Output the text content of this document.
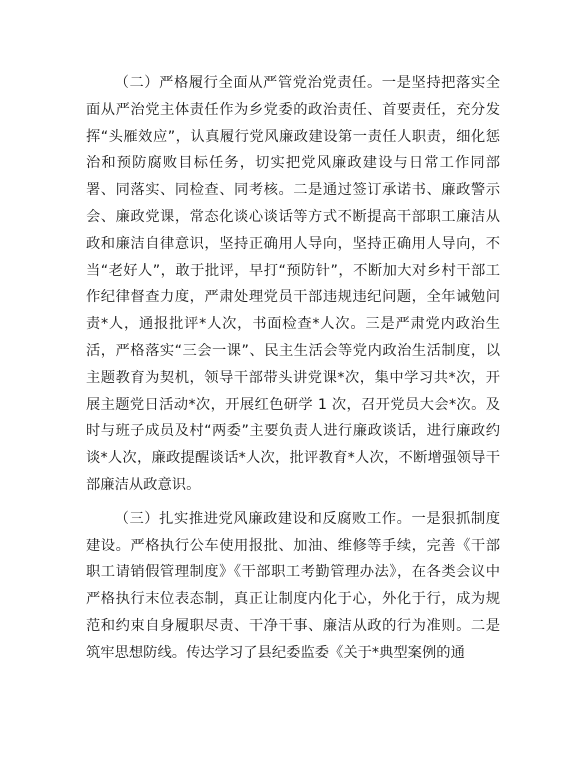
（二）严格履行全面从严管党治党责任。一是坚持把落实全面从严治党主体责任作为乡党委的政治责任、首要责任，充分发挥“头雁效应”，认真履行党风廉政建设第一责任人职责，细化惩治和预防腐败目标任务，切实把党风廉政建设与日常工作同部署、同落实、同检查、同考核。二是通过签订承诺书、廉政警示会、廉政党课，常态化谈心谈话等方式不断提高干部职工廉洁从政和廉洁自律意识，坚持正确用人导向，坚持正确用人导向，不当“老好人”，敢于批评，早打“预防针”，不断加大对乡村干部工作纪律督查力度，严肃处理党员干部违规违纪问题，全年诫勉问责*人，通报批评*人次，书面检查*人次。三是严肃党内政治生活，严格落实“三会一课”、民主生活会等党内政治生活制度，以主题教育为契机，领导干部带头讲党课*次，集中学习共*次，开展主题党日活动*次，开展红色研学 1 次，召开党员大会*次。及时与班子成员及村“两委”主要负责人进行廉政谈话，进行廉政约谈*人次，廉政提醒谈话*人次，批评教育*人次，不断增强领导干部廉洁从政意识。

（三）扎实推进党风廉政建设和反腐败工作。一是狠抓制度建设。严格执行公车使用报批、加油、维修等手续，完善《干部职工请销假管理制度》《干部职工考勤管理办法》，在各类会议中严格执行末位表态制，真正让制度内化于心，外化于行，成为规范和约束自身履职尽责、干净干事、廉洁从政的行为准则。二是筑牢思想防线。传达学习了县纪委监委《关于*典型案例的通
